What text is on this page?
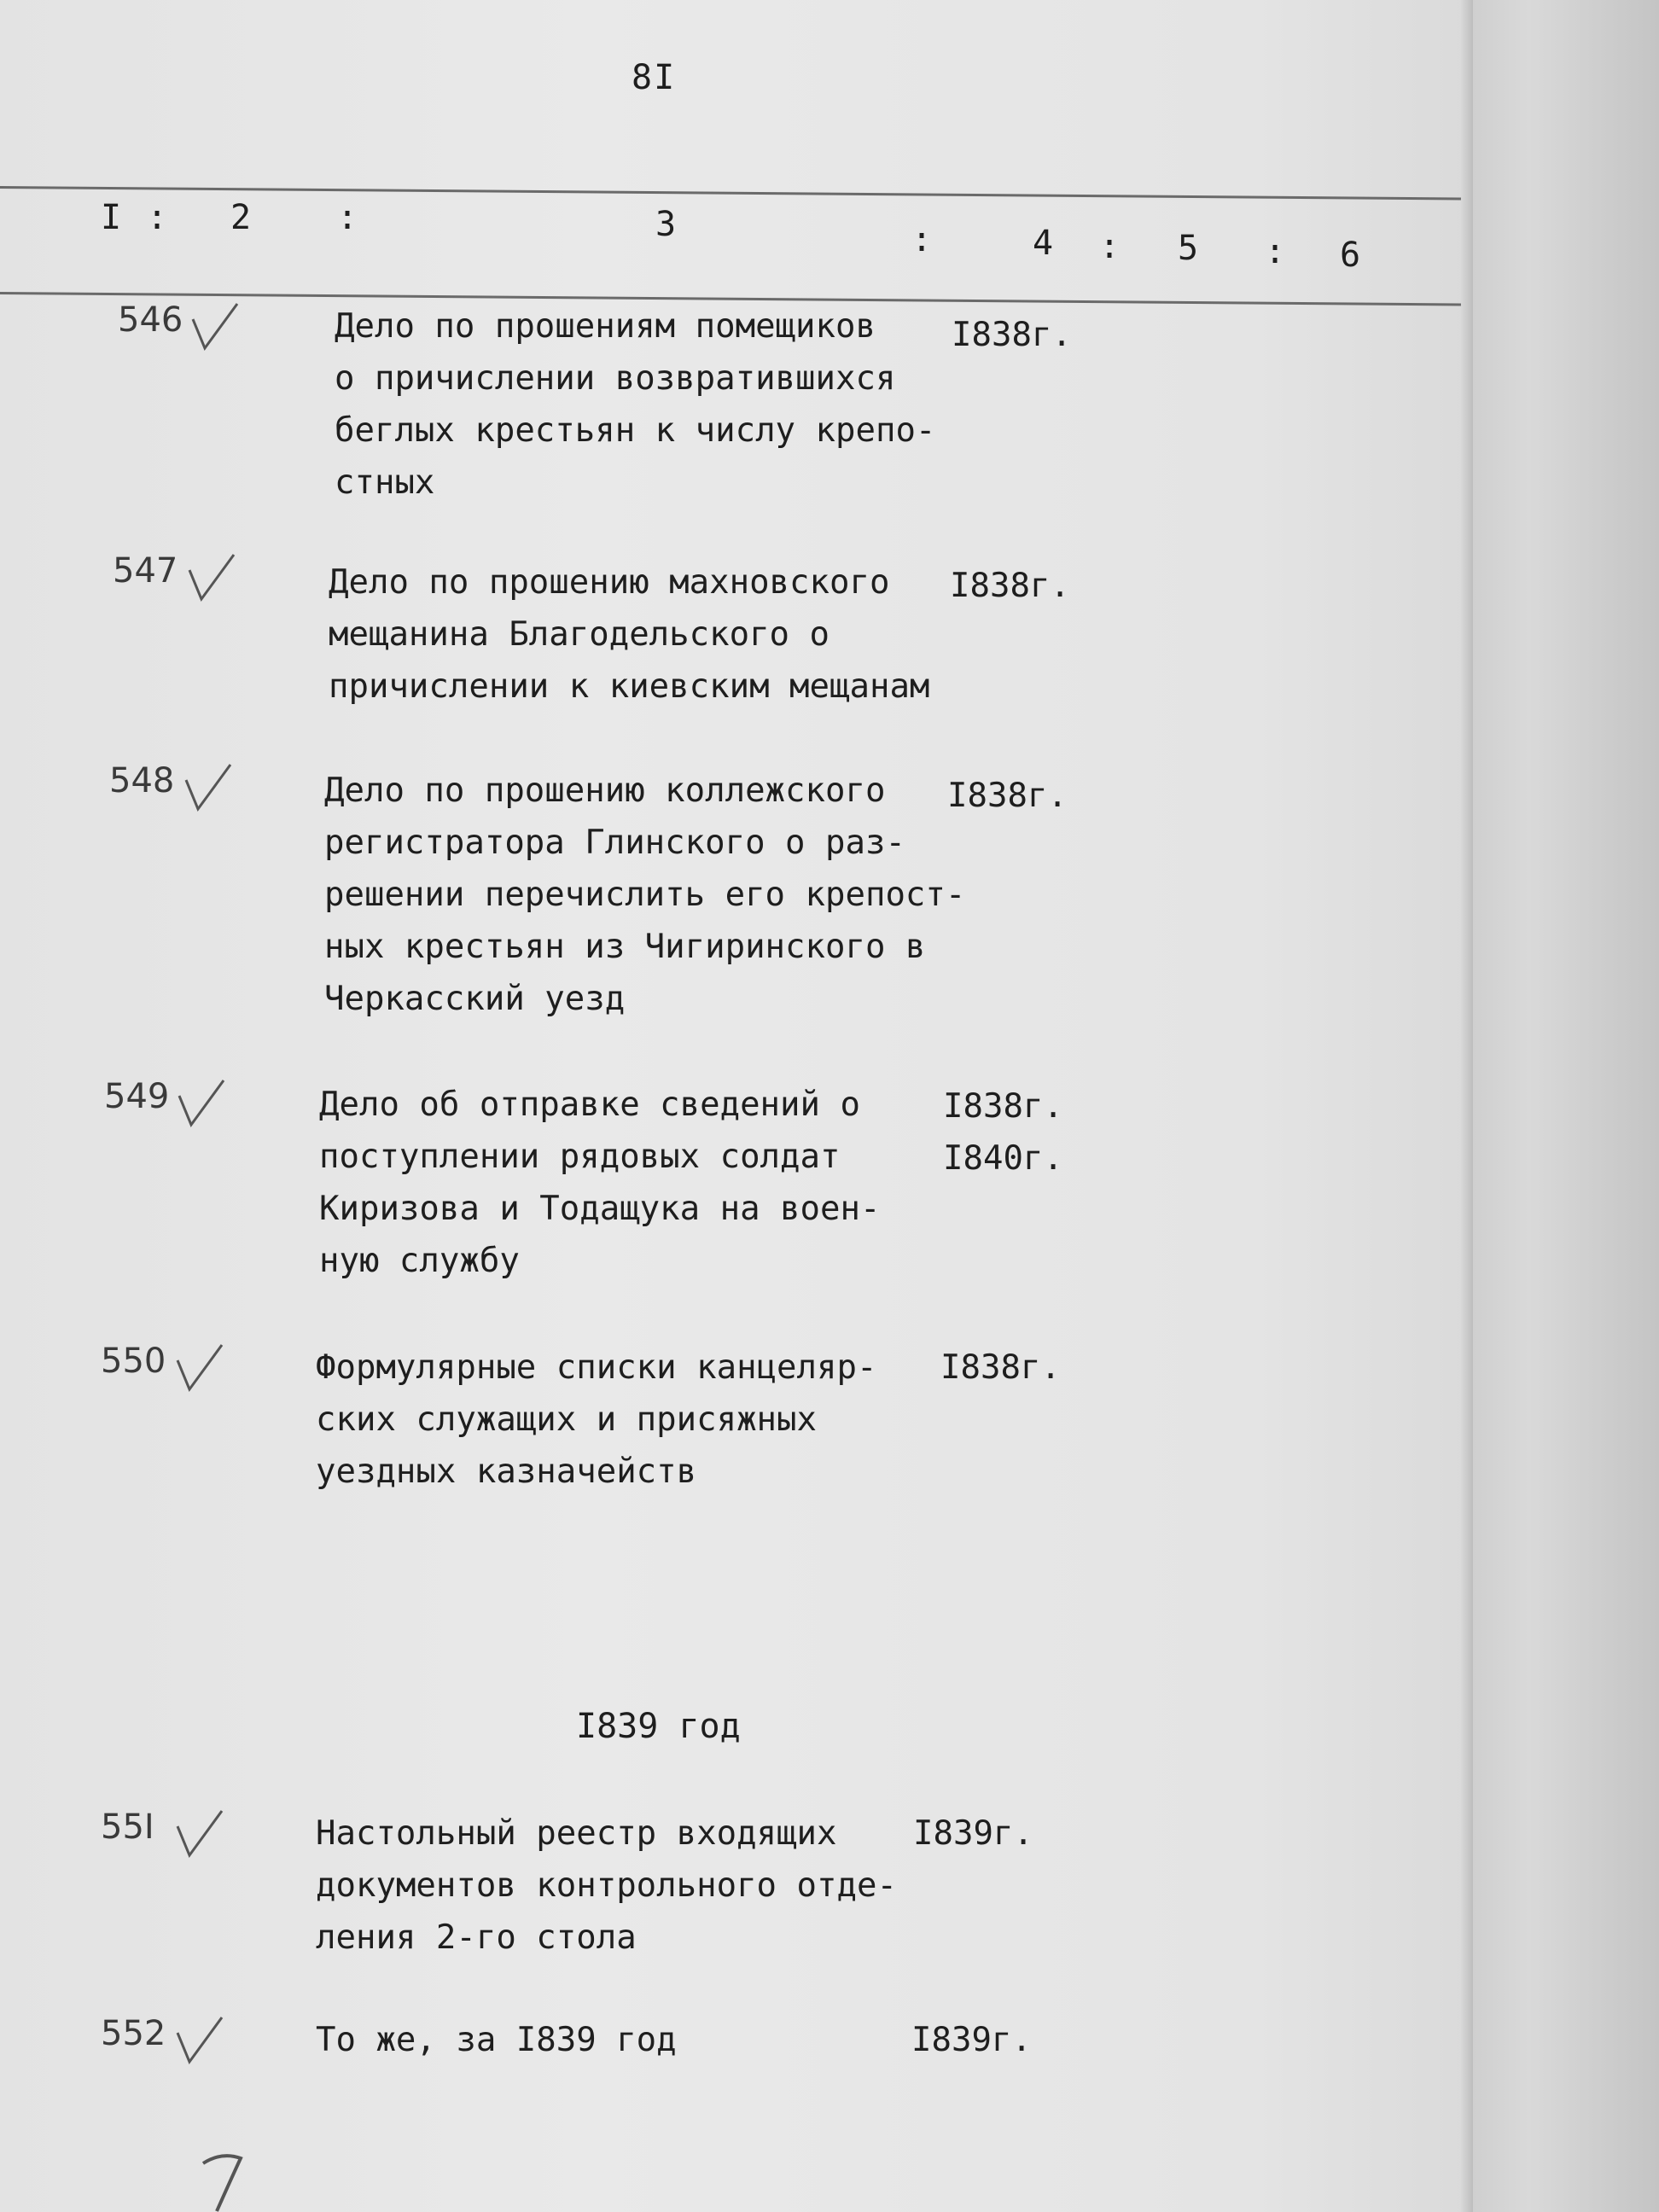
8I
I : 2	:	3	:	4 : 5 : 6
546	Дело по прошениям помещиков
о причислении возвратившихся
беглых крестьян к числу крепо-
стных
I838г.
547	Дело по прошению махновского
мещанина Благодельского о
причислении к киевским мещанам
I838г.
548	Дело по прошению коллежского
регистратора Глинского о раз-
решении перечислить его крепост-
ных крестьян из Чигиринского в
Черкасский уезд
I838г.
549	Дело об отправке сведений о
поступлении рядовых солдат
Киризова и Тодащука на воен-
ную службу
I838г.
I840г.
550	Формулярные списки канцеляр-
ских служащих и присяжных
уездных казначейств
I838г.
I839 год
55I	Настольный реестр входящих
документов контрольного отде-
ления 2-го стола
I839г.
552	То же, за I839 год	I839г.
